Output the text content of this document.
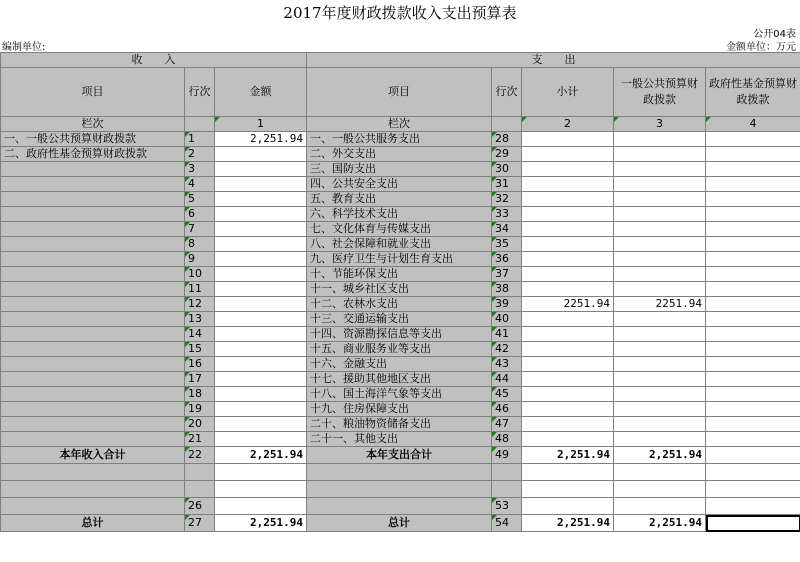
2017年度财政拨款收入支出预算表
公开04表
编制单位:	金额单位：万元
收　　入			支　　出				
项目	行次	金额	项目	行次	小计	一般公共预算财政拨款	政府性基金预算财政拨款
栏次		1	栏次		2	3	4
一、一般公共预算财政拨款	1	2,251.94	一、一般公共服务支出	28			
二、政府性基金预算财政拨款	2		二、外交支出	29			
	3		三、国防支出	30			
	4		四、公共安全支出	31			
	5		五、教育支出	32			
	6		六、科学技术支出	33			
	7		七、文化体育与传媒支出	34			
	8		八、社会保障和就业支出	35			
	9		九、医疗卫生与计划生育支出	36			
	10		十、节能环保支出	37			
	11		十一、城乡社区支出	38			
	12		十二、农林水支出	39	2251.94	2251.94	
	13		十三、交通运输支出	40			
	14		十四、资源勘探信息等支出	41			
	15		十五、商业服务业等支出	42			
	16		十六、金融支出	43			
	17		十七、援助其他地区支出	44			
	18		十八、国土海洋气象等支出	45			
	19		十九、住房保障支出	46			
	20		二十、粮油物资储备支出	47			
	21		二十一、其他支出	48			
本年收入合计	22	2,251.94	本年支出合计	49	2,251.94	2,251.94	

	26			53			
总计	27	2,251.94	总计	54	2,251.94	2,251.94	
